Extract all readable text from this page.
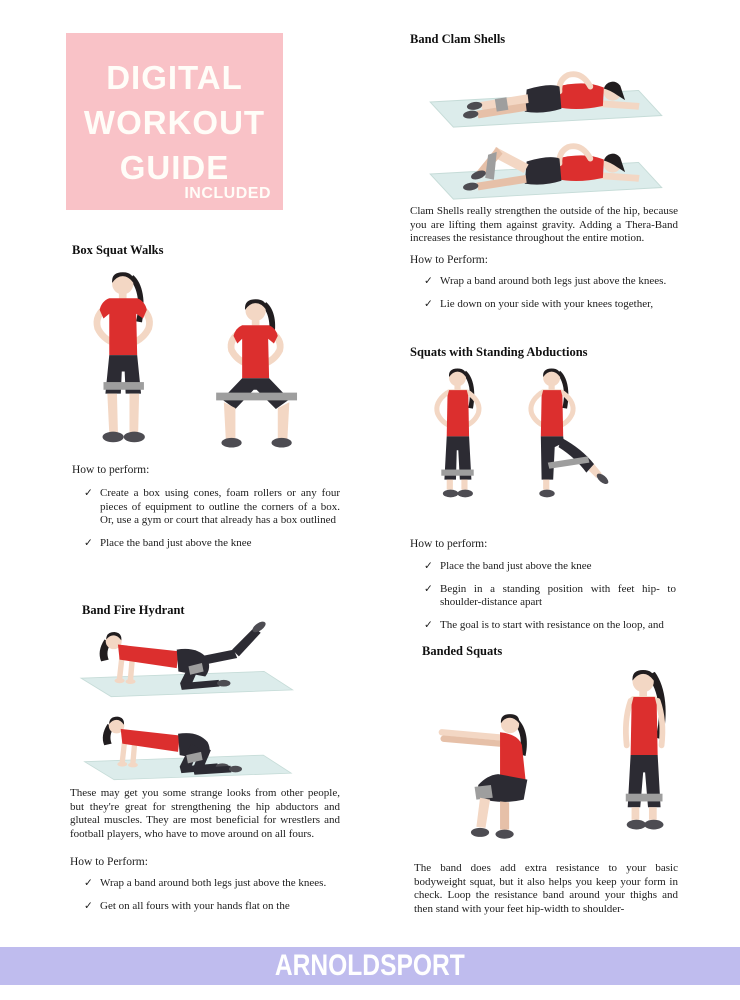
DIGITAL
WORKOUT
GUIDE
INCLUDED
Box Squat Walks
How to perform:
✓ Create a box using cones, foam rollers or any four pieces of equipment to outline the corners of a box. Or, use a gym or court that already has a box outlined
✓ Place the band just above the knee
Band Fire Hydrant
These may get you some strange looks from other people, but they're great for strengthening the hip abductors and gluteal muscles. They are most beneficial for wrestlers and football players, who have to move around on all fours.
How to Perform:
✓ Wrap a band around both legs just above the knees.
✓ Get on all fours with your hands flat on the
Band Clam Shells
Clam Shells really strengthen the outside of the hip, because you are lifting them against gravity. Adding a Thera-Band increases the resistance throughout the entire motion.
How to Perform:
✓ Wrap a band around both legs just above the knees.
✓ Lie down on your side with your knees together,
Squats with Standing Abductions
How to perform:
✓ Place the band just above the knee
✓ Begin in a standing position with feet hip- to shoulder-distance apart
✓ The goal is to start with resistance on the loop, and
Banded Squats
The band does add extra resistance to your basic bodyweight squat, but it also helps you keep your form in check. Loop the resistance band around your thighs and then stand with your feet hip-width to shoulder-
ARNOLDSPORT
